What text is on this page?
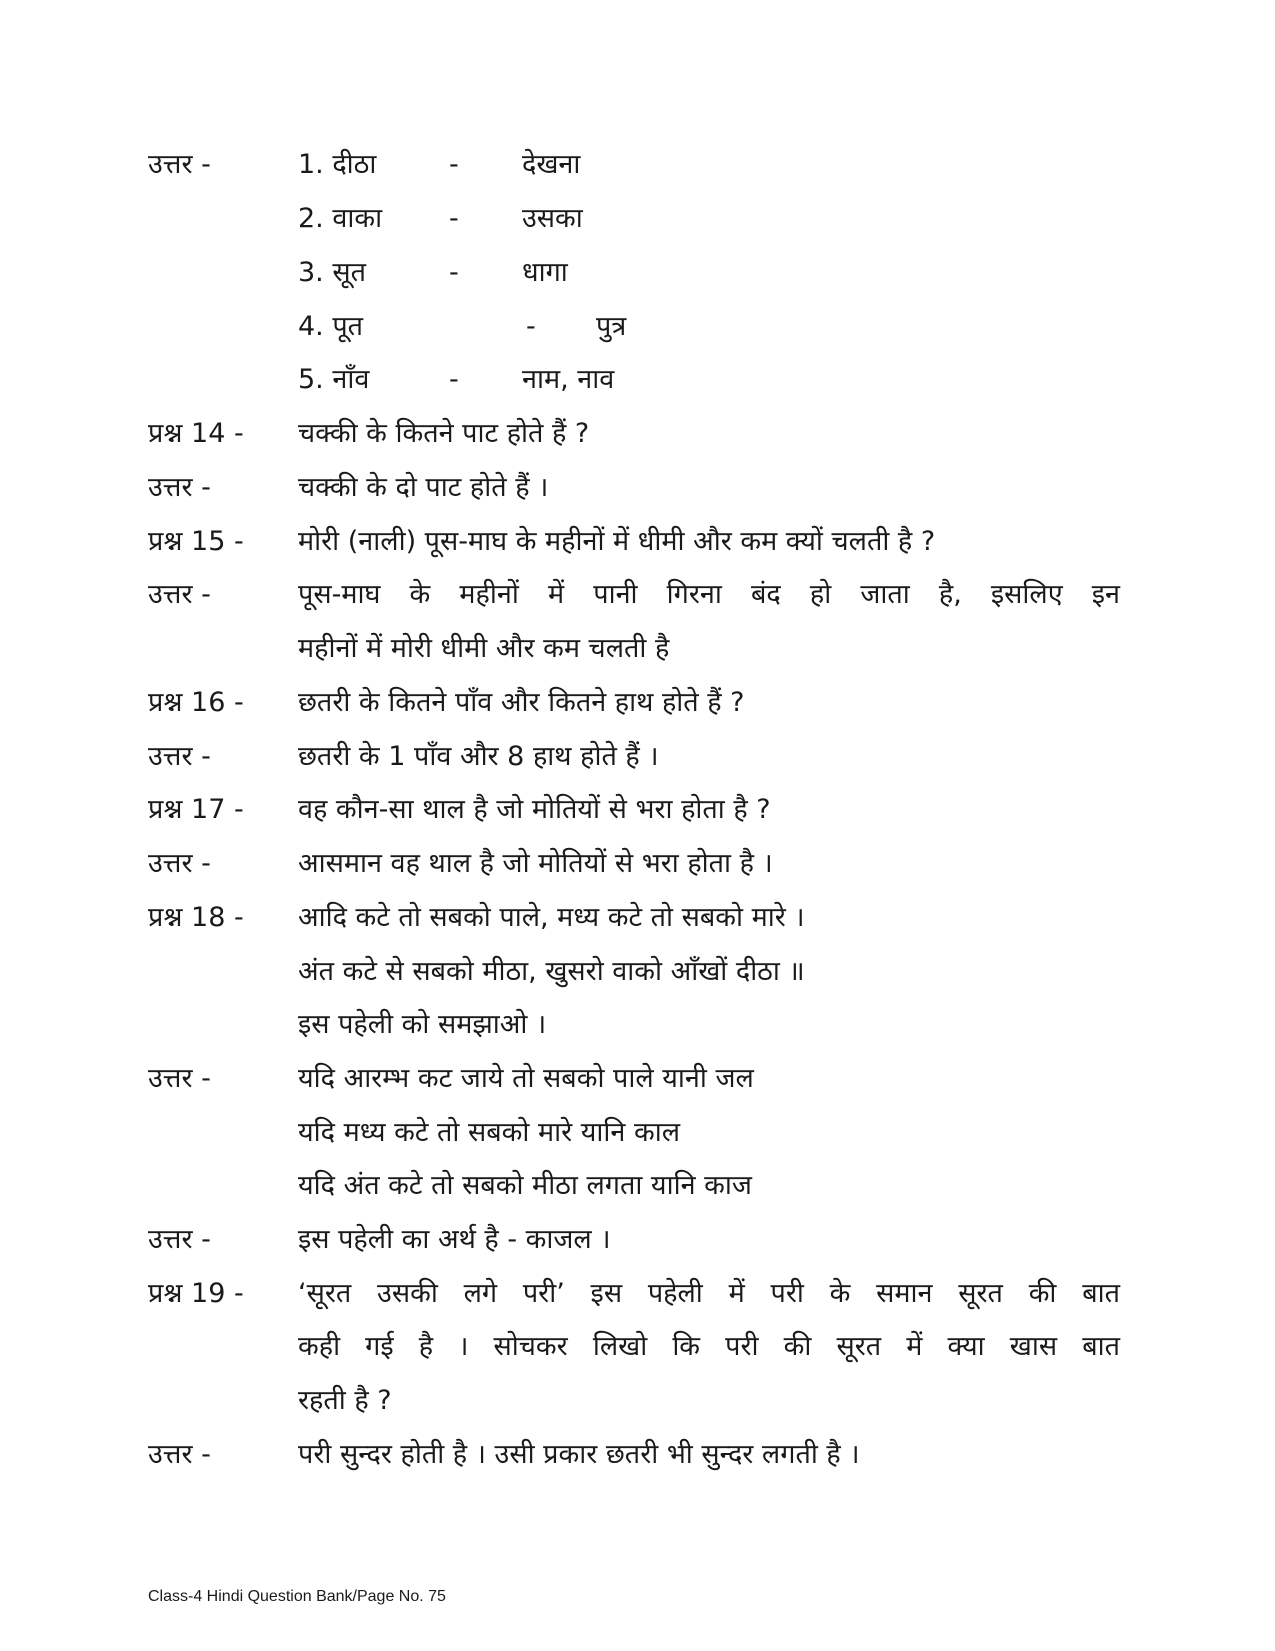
उत्तर -	1. दीठा	- देखना
2. वाका - उसका
3. सूत	- धागा
4. पूत	- पुत्र
5. नाँव	- नाम, नाव
प्रश्न 14 - चक्की के कितने पाट होते हैं ?
उत्तर -	चक्की के दो पाट होते हैं ।
प्रश्न 15 - मोरी (नाली) पूस-माघ के महीनों में धीमी और कम क्यों चलती है ?
उत्तर -	पूस-माघ के महीनों में पानी गिरना बंद हो जाता है, इसलिए इन
महीनों में मोरी धीमी और कम चलती है
प्रश्न 16 - छतरी के कितने पाँव और कितने हाथ होते हैं ?
उत्तर -	छतरी के 1 पाँव और 8 हाथ होते हैं ।
प्रश्न 17 - वह कौन-सा थाल है जो मोतियों से भरा होता है ?
उत्तर -	आसमान वह थाल है जो मोतियों से भरा होता है ।
प्रश्न 18 - आदि कटे तो सबको पाले, मध्य कटे तो सबको मारे ।
अंत कटे से सबको मीठा, खुसरो वाको आँखों दीठा ॥
इस पहेली को समझाओ ।
उत्तर -	यदि आरम्भ कट जाये तो सबको पाले यानी जल
यदि मध्य कटे तो सबको मारे यानि काल
यदि अंत कटे तो सबको मीठा लगता यानि काज
उत्तर -	इस पहेली का अर्थ है - काजल ।
प्रश्न 19 - ‘सूरत उसकी लगे परी’ इस पहेली में परी के समान सूरत की बात
कही गई है । सोचकर लिखो कि परी की सूरत में क्या खास बात
रहती है ?
उत्तर -	परी सुन्दर होती है । उसी प्रकार छतरी भी सुन्दर लगती है ।
Class-4 Hindi Question Bank/Page No. 75
